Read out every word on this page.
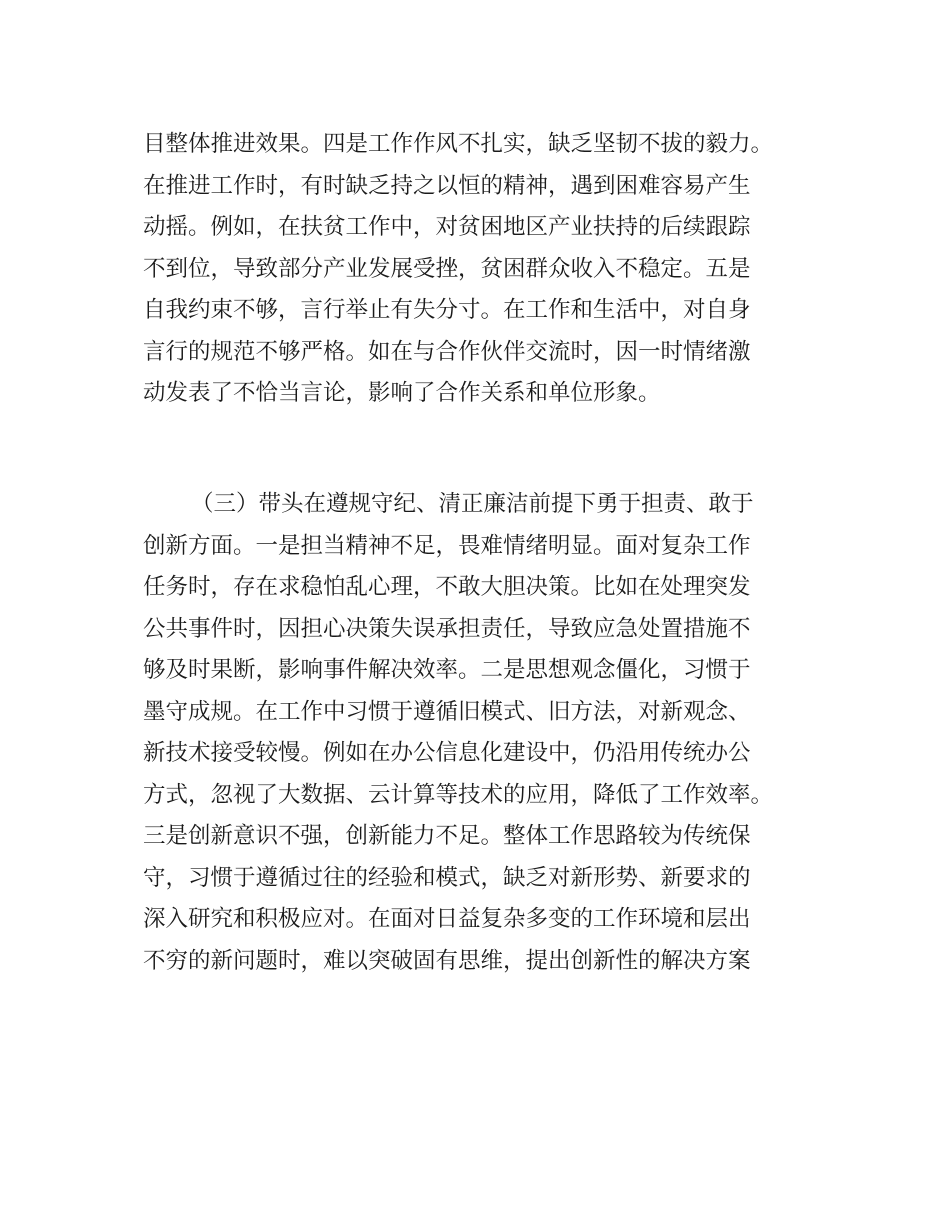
目整体推进效果。四是工作作风不扎实，缺乏坚韧不拔的毅力。
在推进工作时，有时缺乏持之以恒的精神，遇到困难容易产生
动摇。例如，在扶贫工作中，对贫困地区产业扶持的后续跟踪
不到位，导致部分产业发展受挫，贫困群众收入不稳定。五是
自我约束不够，言行举止有失分寸。在工作和生活中，对自身
言行的规范不够严格。如在与合作伙伴交流时，因一时情绪激
动发表了不恰当言论，影响了合作关系和单位形象。
（三）带头在遵规守纪、清正廉洁前提下勇于担责、敢于
创新方面。一是担当精神不足，畏难情绪明显。面对复杂工作
任务时，存在求稳怕乱心理，不敢大胆决策。比如在处理突发
公共事件时，因担心决策失误承担责任，导致应急处置措施不
够及时果断，影响事件解决效率。二是思想观念僵化，习惯于
墨守成规。在工作中习惯于遵循旧模式、旧方法，对新观念、
新技术接受较慢。例如在办公信息化建设中，仍沿用传统办公
方式，忽视了大数据、云计算等技术的应用，降低了工作效率。
三是创新意识不强，创新能力不足。整体工作思路较为传统保
守，习惯于遵循过往的经验和模式，缺乏对新形势、新要求的
深入研究和积极应对。在面对日益复杂多变的工作环境和层出
不穷的新问题时，难以突破固有思维，提出创新性的解决方案
